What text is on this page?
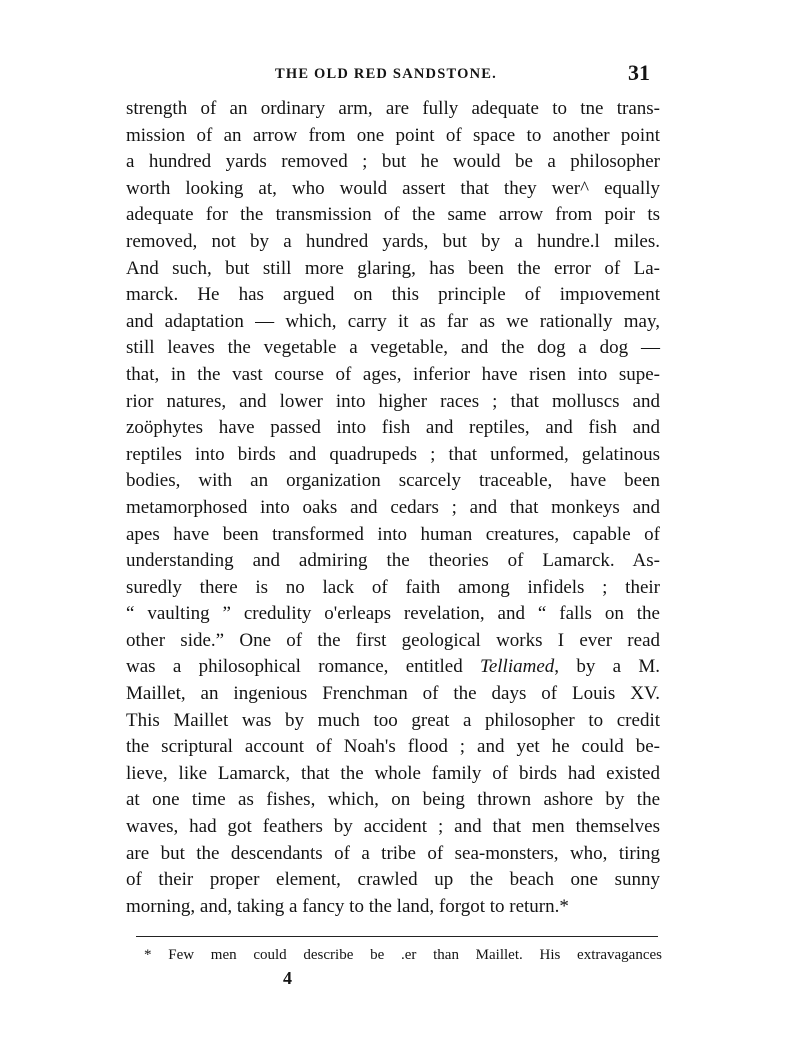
THE OLD RED SANDSTONE.	31
strength of an ordinary arm, are fully adequate to tne trans-
mission of an arrow from one point of space to another point
a hundred yards removed ; but he would be a philosopher
worth looking at, who would assert that they wer^ equally
adequate for the transmission of the same arrow from poir ts
removed, not by a hundred yards, but by a hundre.l miles.
And such, but still more glaring, has been the error of La-
marck. He has argued on this principle of impıovement
and adaptation — which, carry it as far as we rationally may,
still leaves the vegetable a vegetable, and the dog a dog —
that, in the vast course of ages, inferior have risen into supe-
rior natures, and lower into higher races ; that molluscs and
zoöphytes have passed into fish and reptiles, and fish and
reptiles into birds and quadrupeds ; that unformed, gelatinous
bodies, with an organization scarcely traceable, have been
metamorphosed into oaks and cedars ; and that monkeys and
apes have been transformed into human creatures, capable of
understanding and admiring the theories of Lamarck. As-
suredly there is no lack of faith among infidels ; their
“ vaulting ” credulity o'erleaps revelation, and “ falls on the
other side.” One of the first geological works I ever read
was a philosophical romance, entitled Telliamed, by a M.
Maillet, an ingenious Frenchman of the days of Louis XV.
This Maillet was by much too great a philosopher to credit
the scriptural account of Noah's flood ; and yet he could be-
lieve, like Lamarck, that the whole family of birds had existed
at one time as fishes, which, on being thrown ashore by the
waves, had got feathers by accident ; and that men themselves
are but the descendants of a tribe of sea-monsters, who, tiring
of their proper element, crawled up the beach one sunny
morning, and, taking a fancy to the land, forgot to return.*
* Few men could describe be .er than Maillet. His extravagances
4
